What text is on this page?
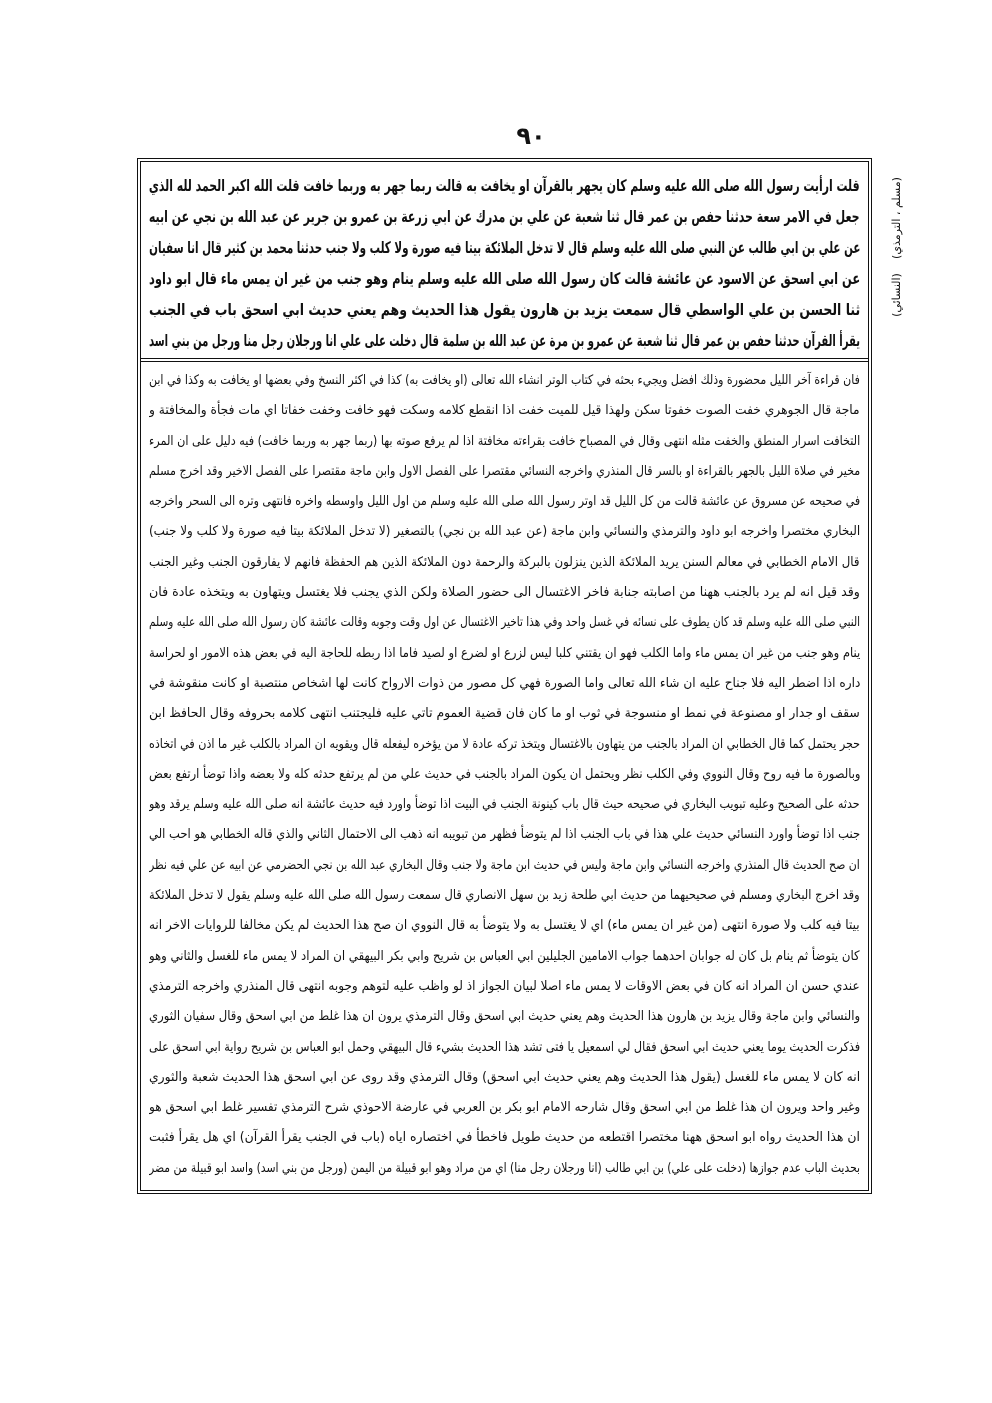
۹۰
(مسلم ، الترمذي)
(النسائي)
قلت ارأيت رسول الله صلى الله عليه وسلم كان يجهر بالقرآن او يخافت به قالت ربما جهر به وربما خافت قلت الله اكبر الحمد لله الذي
جعل في الامر سعة حدثنا حفص بن عمر قال ثنا شعبة عن علي بن مدرك عن ابي زرعة بن عمرو بن جرير عن عبد الله بن نجي عن ابيه
عن علي بن ابي طالب عن النبي صلى الله عليه وسلم قال لا تدخل الملائكة بيتا فيه صورة ولا كلب ولا جنب حدثنا محمد بن كثير قال انا سفيان
عن ابي اسحق عن الاسود عن عائشة قالت كان رسول الله صلى الله عليه وسلم ينام وهو جنب من غير ان يمس ماء قال ابو داود
ثنا الحسن بن علي الواسطي قال سمعت يزيد بن هارون يقول هذا الحديث وهم يعني حديث ابي اسحق باب في الجنب
يقرأ القرآن حدثنا حفص بن عمر قال ثنا شعبة عن عمرو بن مرة عن عبد الله بن سلمة قال دخلت على علي انا ورجلان رجل منا ورجل من بني اسد
فان قراءة آخر الليل محضورة وذلك افضل ويجيء بحثه في كتاب الوتر انشاء الله تعالى (او يخافت به) كذا في اكثر النسخ وفي بعضها او يخافت به وكذا في ابن
ماجة قال الجوهري خفت الصوت خفوتا سكن ولهذا قيل للميت خفت اذا انقطع كلامه وسكت فهو خافت وخفت خفاتا اي مات فجأة والمخافتة و
التخافت اسرار المنطق والخفت مثله انتهى وقال في المصباح خافت بقراءته مخافتة اذا لم يرفع صوته بها (ربما جهر به وربما خافت) فيه دليل على ان المرء
مخير في صلاة الليل بالجهر بالقراءة او بالسر قال المنذري واخرجه النسائي مقتصرا على الفصل الاول وابن ماجة مقتصرا على الفصل الاخير وقد اخرج مسلم
في صحيحه عن مسروق عن عائشة قالت من كل الليل قد اوتر رسول الله صلى الله عليه وسلم من اول الليل واوسطه واخره فانتهى وتره الى السحر واخرجه
البخاري مختصرا واخرجه ابو داود والترمذي والنسائي وابن ماجة (عن عبد الله بن نجي) بالتصغير (لا تدخل الملائكة بيتا فيه صورة ولا كلب ولا جنب)
قال الامام الخطابي في معالم السنن يريد الملائكة الذين ينزلون بالبركة والرحمة دون الملائكة الذين هم الحفظة فانهم لا يفارقون الجنب وغير الجنب
وقد قيل انه لم يرد بالجنب ههنا من اصابته جنابة فاخر الاغتسال الى حضور الصلاة ولكن الذي يجنب فلا يغتسل ويتهاون به ويتخذه عادة فان
النبي صلى الله عليه وسلم قد كان يطوف على نسائه في غسل واحد وفي هذا تاخير الاغتسال عن اول وقت وجوبه وقالت عائشة كان رسول الله صلى الله عليه وسلم
ينام وهو جنب من غير ان يمس ماء واما الكلب فهو ان يقتني كلبا ليس لزرع او لضرع او لصيد فاما اذا ربطه للحاجة اليه في بعض هذه الامور او لحراسة
داره اذا اضطر اليه فلا جناح عليه ان شاء الله تعالى واما الصورة فهي كل مصور من ذوات الارواح كانت لها اشخاص منتصبة او كانت منقوشة في
سقف او جدار او مصنوعة في نمط او منسوجة في ثوب او ما كان فان قضية العموم تاتي عليه فليجتنب انتهى كلامه بحروفه وقال الحافظ ابن
حجر يحتمل كما قال الخطابي ان المراد بالجنب من يتهاون بالاغتسال ويتخذ تركه عادة لا من يؤخره ليفعله قال ويقويه ان المراد بالكلب غير ما اذن في اتخاذه
وبالصورة ما فيه روح وقال النووي وفي الكلب نظر ويحتمل ان يكون المراد بالجنب في حديث علي من لم يرتفع حدثه كله ولا بعضه واذا توضأ ارتفع بعض
حدثه على الصحيح وعليه تبويب البخاري في صحيحه حيث قال باب كينونة الجنب في البيت اذا توضأ واورد فيه حديث عائشة انه صلى الله عليه وسلم يرقد وهو
جنب اذا توضأ واورد النسائي حديث علي هذا في باب الجنب اذا لم يتوضأ فظهر من تبويبه انه ذهب الى الاحتمال الثاني والذي قاله الخطابي هو احب الي
ان صح الحديث قال المنذري واخرجه النسائي وابن ماجة وليس في حديث ابن ماجة ولا جنب وقال البخاري عبد الله بن نجي الحضرمي عن ابيه عن علي فيه نظر
وقد اخرج البخاري ومسلم في صحيحيهما من حديث ابي طلحة زيد بن سهل الانصاري قال سمعت رسول الله صلى الله عليه وسلم يقول لا تدخل الملائكة
بيتا فيه كلب ولا صورة انتهى (من غير ان يمس ماء) اي لا يغتسل به ولا يتوضأ به قال النووي ان صح هذا الحديث لم يكن مخالفا للروايات الاخر انه
كان يتوضأ ثم ينام بل كان له جوابان احدهما جواب الامامين الجليلين ابي العباس بن شريح وابي بكر البيهقي ان المراد لا يمس ماء للغسل والثاني وهو
عندي حسن ان المراد انه كان في بعض الاوقات لا يمس ماء اصلا لبيان الجواز اذ لو واظب عليه لتوهم وجوبه انتهى قال المنذري واخرجه الترمذي
والنسائي وابن ماجة وقال يزيد بن هارون هذا الحديث وهم يعني حديث ابي اسحق وقال الترمذي يرون ان هذا غلط من ابي اسحق وقال سفيان الثوري
فذكرت الحديث يوما يعني حديث ابي اسحق فقال لي اسمعيل يا فتى تشد هذا الحديث بشيء قال البيهقي وحمل ابو العباس بن شريح رواية ابي اسحق على
انه كان لا يمس ماء للغسل (يقول هذا الحديث وهم يعني حديث ابي اسحق) وقال الترمذي وقد روى عن ابي اسحق هذا الحديث شعبة والثوري
وغير واحد ويرون ان هذا غلط من ابي اسحق وقال شارحه الامام ابو بكر بن العربي في عارضة الاحوذي شرح الترمذي تفسير غلط ابي اسحق هو
ان هذا الحديث رواه ابو اسحق ههنا مختصرا اقتطعه من حديث طويل فاخطأ في اختصاره اياه (باب في الجنب يقرأ القرآن) اي هل يقرأ فثبت
بحديث الباب عدم جوازها (دخلت على علي) بن ابي طالب (انا ورجلان رجل منا) اي من مراد وهو ابو قبيلة من اليمن (ورجل من بني اسد) واسد ابو قبيلة من مضر
